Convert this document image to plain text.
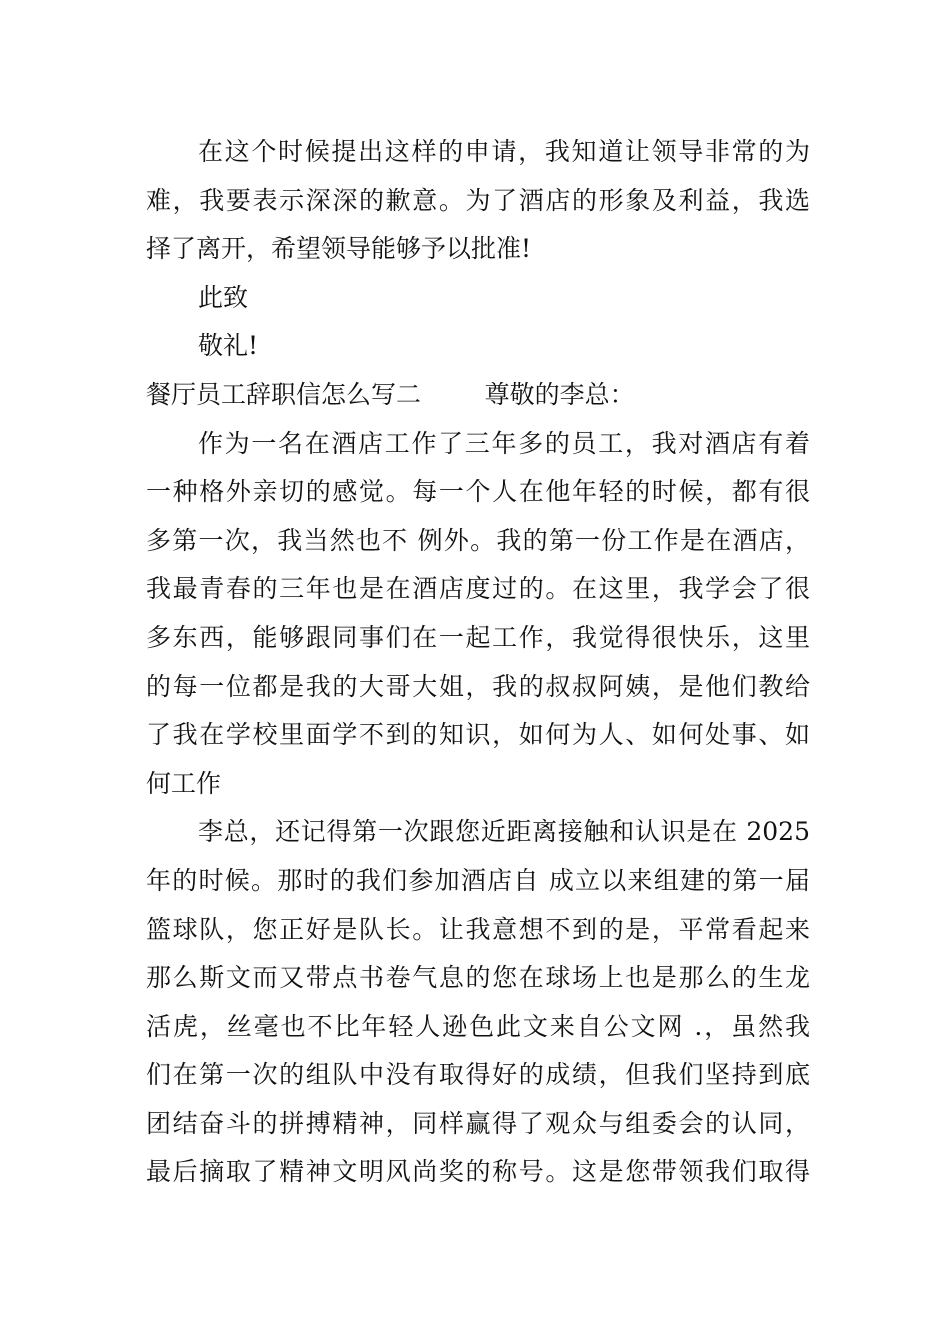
在这个时候提出这样的申请，我知道让领导非常的为
难，我要表示深深的歉意。为了酒店的形象及利益，我选
择了离开，希望领导能够予以批准!
此致
敬礼!
餐厅员工辞职信怎么写二        尊敬的李总：
作为一名在酒店工作了三年多的员工，我对酒店有着
一种格外亲切的感觉。每一个人在他年轻的时候，都有很
多第一次，我当然也不 例外。我的第一份工作是在酒店，
我最青春的三年也是在酒店度过的。在这里，我学会了很
多东西，能够跟同事们在一起工作，我觉得很快乐，这里
的每一位都是我的大哥大姐，我的叔叔阿姨，是他们教给
了我在学校里面学不到的知识，如何为人、如何处事、如
何工作
李总，还记得第一次跟您近距离接触和认识是在 2025
年的时候。那时的我们参加酒店自 成立以来组建的第一届
篮球队，您正好是队长。让我意想不到的是，平常看起来
那么斯文而又带点书卷气息的您在球场上也是那么的生龙
活虎，丝毫也不比年轻人逊色此文来自公文网 .，虽然我
们在第一次的组队中没有取得好的成绩，但我们坚持到底
团结奋斗的拼搏精神，同样赢得了观众与组委会的认同，
最后摘取了精神文明风尚奖的称号。这是您带领我们取得
